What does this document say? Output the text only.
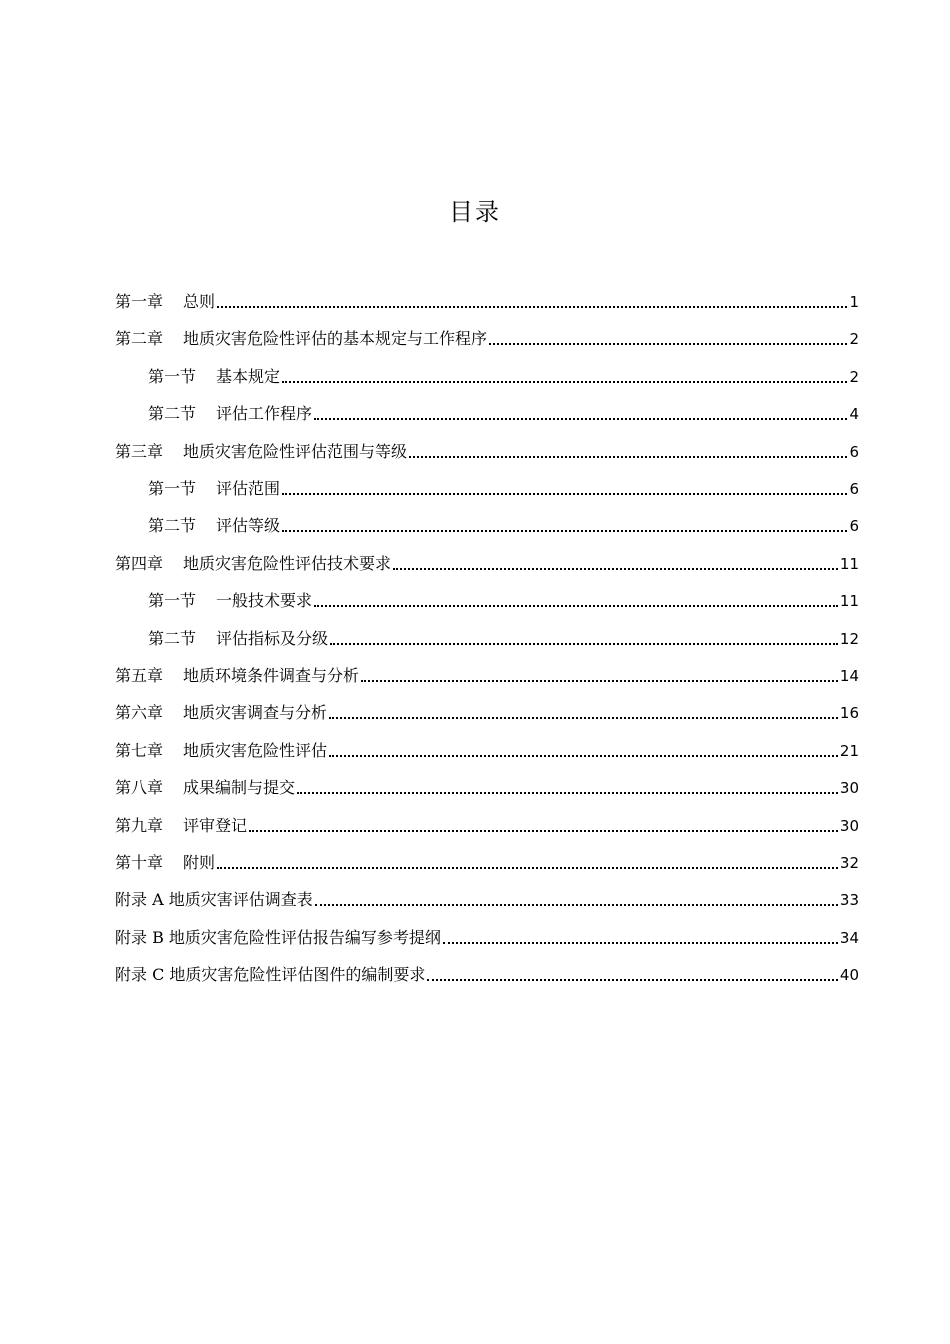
目录
第一章 总则	1
第二章 地质灾害危险性评估的基本规定与工作程序	2
第一节 基本规定	2
第二节 评估工作程序	4
第三章 地质灾害危险性评估范围与等级	6
第一节 评估范围	6
第二节 评估等级	6
第四章 地质灾害危险性评估技术要求	11
第一节 一般技术要求	11
第二节 评估指标及分级	12
第五章 地质环境条件调查与分析	14
第六章 地质灾害调查与分析	16
第七章 地质灾害危险性评估	21
第八章 成果编制与提交	30
第九章 评审登记	30
第十章 附则	32
附录 A 地质灾害评估调查表	33
附录 B 地质灾害危险性评估报告编写参考提纲	34
附录 C 地质灾害危险性评估图件的编制要求	40
